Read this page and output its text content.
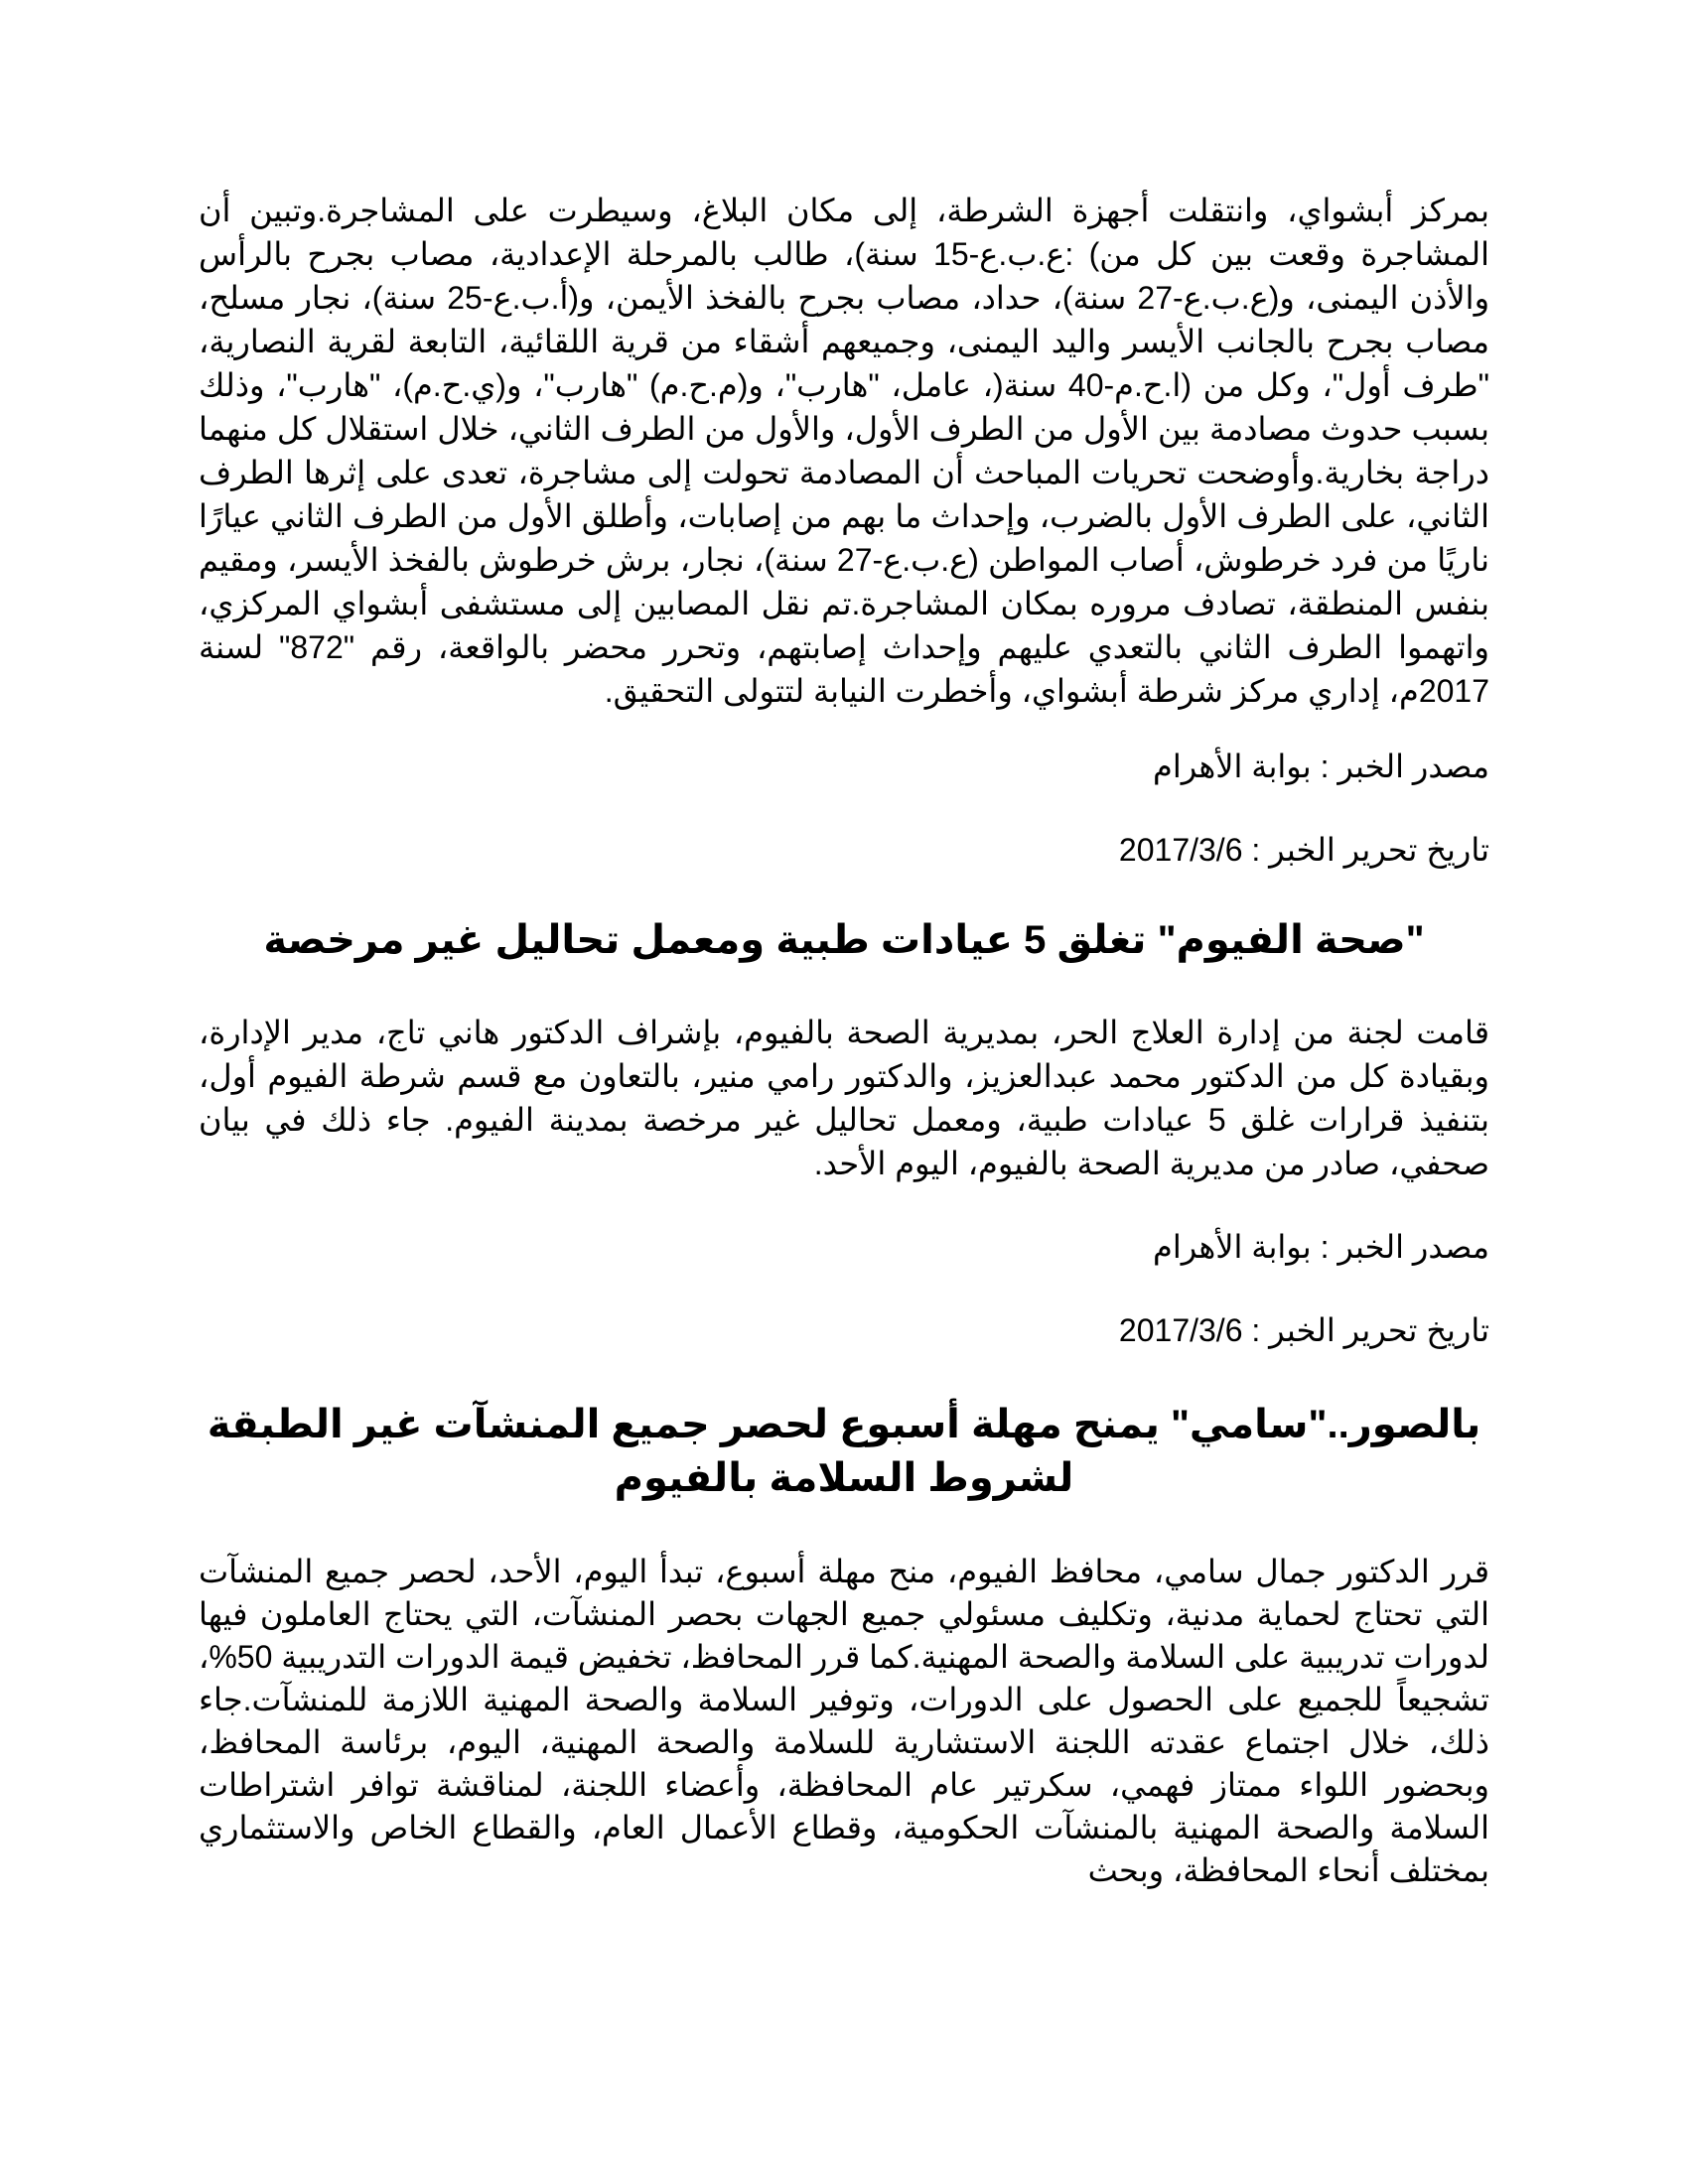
بمركز أبشواي، وانتقلت أجهزة الشرطة، إلى مكان البلاغ، وسيطرت على المشاجرة.وتبين أن المشاجرة وقعت بين كل من) :ع.ب.ع-15 سنة)، طالب بالمرحلة الإعدادية، مصاب بجرح بالرأس والأذن اليمنى، و(ع.ب.ع-27 سنة)، حداد، مصاب بجرح بالفخذ الأيمن، و(أ.ب.ع-25 سنة)، نجار مسلح، مصاب بجرح بالجانب الأيسر واليد اليمنى، وجميعهم أشقاء من قرية اللقائية، التابعة لقرية النصارية، "طرف أول"، وكل من (ا.ح.م-40 سنة(، عامل، "هارب"، و(م.ح.م) "هارب"، و(ي.ح.م)، "هارب"، وذلك بسبب حدوث مصادمة بين الأول من الطرف الأول، والأول من الطرف الثاني، خلال استقلال كل منهما دراجة بخارية.وأوضحت تحريات المباحث أن المصادمة تحولت إلى مشاجرة، تعدى على إثرها الطرف الثاني، على الطرف الأول بالضرب، وإحداث ما بهم من إصابات، وأطلق الأول من الطرف الثاني عيارًا ناريًا من فرد خرطوش، أصاب المواطن (ع.ب.ع-27 سنة)، نجار، برش خرطوش بالفخذ الأيسر، ومقيم بنفس المنطقة، تصادف مروره بمكان المشاجرة.تم نقل المصابين إلى مستشفى أبشواي المركزي، واتهموا الطرف الثاني بالتعدي عليهم وإحداث إصابتهم، وتحرر محضر بالواقعة، رقم "872" لسنة 2017م، إداري مركز شرطة أبشواي، وأخطرت النيابة لتتولى التحقيق.

مصدر الخبر : بوابة الأهرام

تاريخ تحرير الخبر : 2017/3/6

"صحة الفيوم" تغلق 5 عيادات طبية ومعمل تحاليل غير مرخصة

قامت لجنة من إدارة العلاج الحر، بمديرية الصحة بالفيوم، بإشراف الدكتور هاني تاج، مدير الإدارة، وبقيادة كل من الدكتور محمد عبدالعزيز، والدكتور رامي منير، بالتعاون مع قسم شرطة الفيوم أول، بتنفيذ قرارات غلق 5 عيادات طبية، ومعمل تحاليل غير مرخصة بمدينة الفيوم. جاء ذلك في بيان صحفي، صادر من مديرية الصحة بالفيوم، اليوم الأحد.

مصدر الخبر : بوابة الأهرام

تاريخ تحرير الخبر : 2017/3/6

بالصور.."سامي" يمنح مهلة أسبوع لحصر جميع المنشآت غير الطبقة لشروط السلامة بالفيوم

قرر الدكتور جمال سامي، محافظ الفيوم، منح مهلة أسبوع، تبدأ اليوم، الأحد، لحصر جميع المنشآت التي تحتاج لحماية مدنية، وتكليف مسئولي جميع الجهات بحصر المنشآت، التي يحتاج العاملون فيها لدورات تدريبية على السلامة والصحة المهنية.كما قرر المحافظ، تخفيض قيمة الدورات التدريبية 50%، تشجيعاً للجميع على الحصول على الدورات، وتوفير السلامة والصحة المهنية اللازمة للمنشآت.جاء ذلك، خلال اجتماع عقدته اللجنة الاستشارية للسلامة والصحة المهنية، اليوم، برئاسة المحافظ، وبحضور اللواء ممتاز فهمي، سكرتير عام المحافظة، وأعضاء اللجنة، لمناقشة توافر اشتراطات السلامة والصحة المهنية بالمنشآت الحكومية، وقطاع الأعمال العام، والقطاع الخاص والاستثماري بمختلف أنحاء المحافظة، وبحث
